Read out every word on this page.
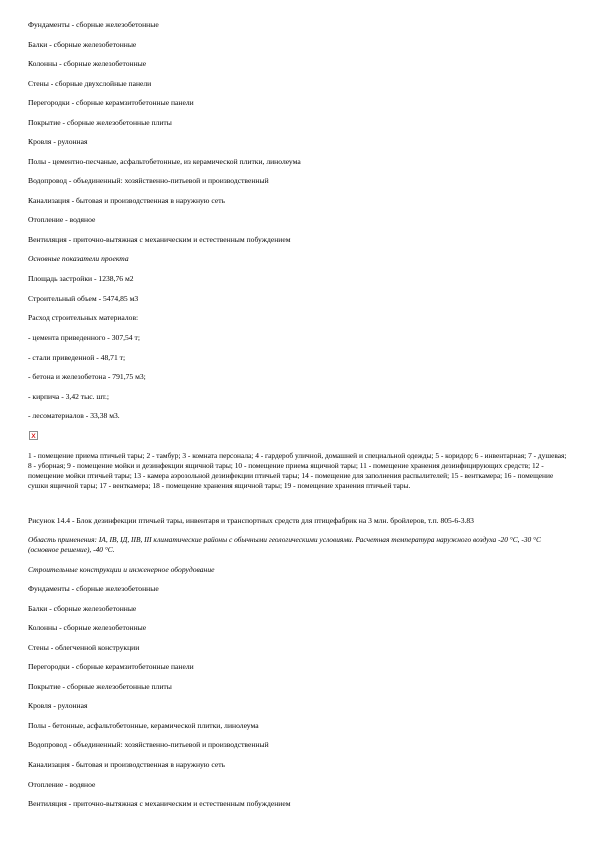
Фундаменты - сборные железобетонные
Балки - сборные железобетонные
Колонны - сборные железобетонные
Стены - сборные двухслойные панели
Перегородки - сборные керамзитобетонные панели
Покрытие - сборные железобетонные плиты
Кровля - рулонная
Полы - цементно-песчаные, асфальтобетонные, из керамической плитки, линолеума
Водопровод - объединенный: хозяйственно-питьевой и производственный
Канализация - бытовая и производственная в наружную сеть
Отопление - водяное
Вентиляция - приточно-вытяжная с механическим и естественным побуждением
Основные показатели проекта
Площадь застройки - 1238,76 м2
Строительный объем - 5474,85 м3
Расход строительных материалов:
- цемента приведенного - 307,54 т;
- стали приведенной - 48,71 т;
- бетона и железобетона - 791,75 м3;
- кирпича - 3,42 тыс. шт.;
- лесоматериалов - 33,38 м3.
x
1 - помещение приема птичьей тары; 2 - тамбур; 3 - комната персонала; 4 - гардероб уличной, домашней и специальной одежды; 5 - коридор; 6 - инвентарная; 7 - душевая; 8 - уборная; 9 - помещение мойки и дезинфекции ящичной тары; 10 - помещение приема ящичной тары; 11 - помещение хранения дезинфицирующих средств; 12 - помещение мойки птичьей тары; 13 - камера аэрозольной дезинфекции птичьей тары; 14 - помещение для заполнения распылителей; 15 - венткамера; 16 - помещение сушки ящичной тары; 17 - венткамера; 18 - помещение хранения ящичной тары; 19 - помещение хранения птичьей тары.
Рисунок 14.4 - Блок дезинфекции птичьей тары, инвентаря и транспортных средств для птицефабрик на 3 млн. бройлеров, т.п. 805-6-3.83
Область применения: IA, IB, IД, IIB, III климатические районы с обычными геологическими условиями. Расчетная температура наружного воздуха -20 °С, -30 °С (основное решение), -40 °С.
Строительные конструкции и инженерное оборудование
Фундаменты - сборные железобетонные
Балки - сборные железобетонные
Колонны - сборные железобетонные
Стены - облегченной конструкции
Перегородки - сборные керамзитобетонные панели
Покрытие - сборные железобетонные плиты
Кровля - рулонная
Полы - бетонные, асфальтобетонные, керамической плитки, линолеума
Водопровод - объединенный: хозяйственно-питьевой и производственный
Канализация - бытовая и производственная в наружную сеть
Отопление - водяное
Вентиляция - приточно-вытяжная с механическим и естественным побуждением
